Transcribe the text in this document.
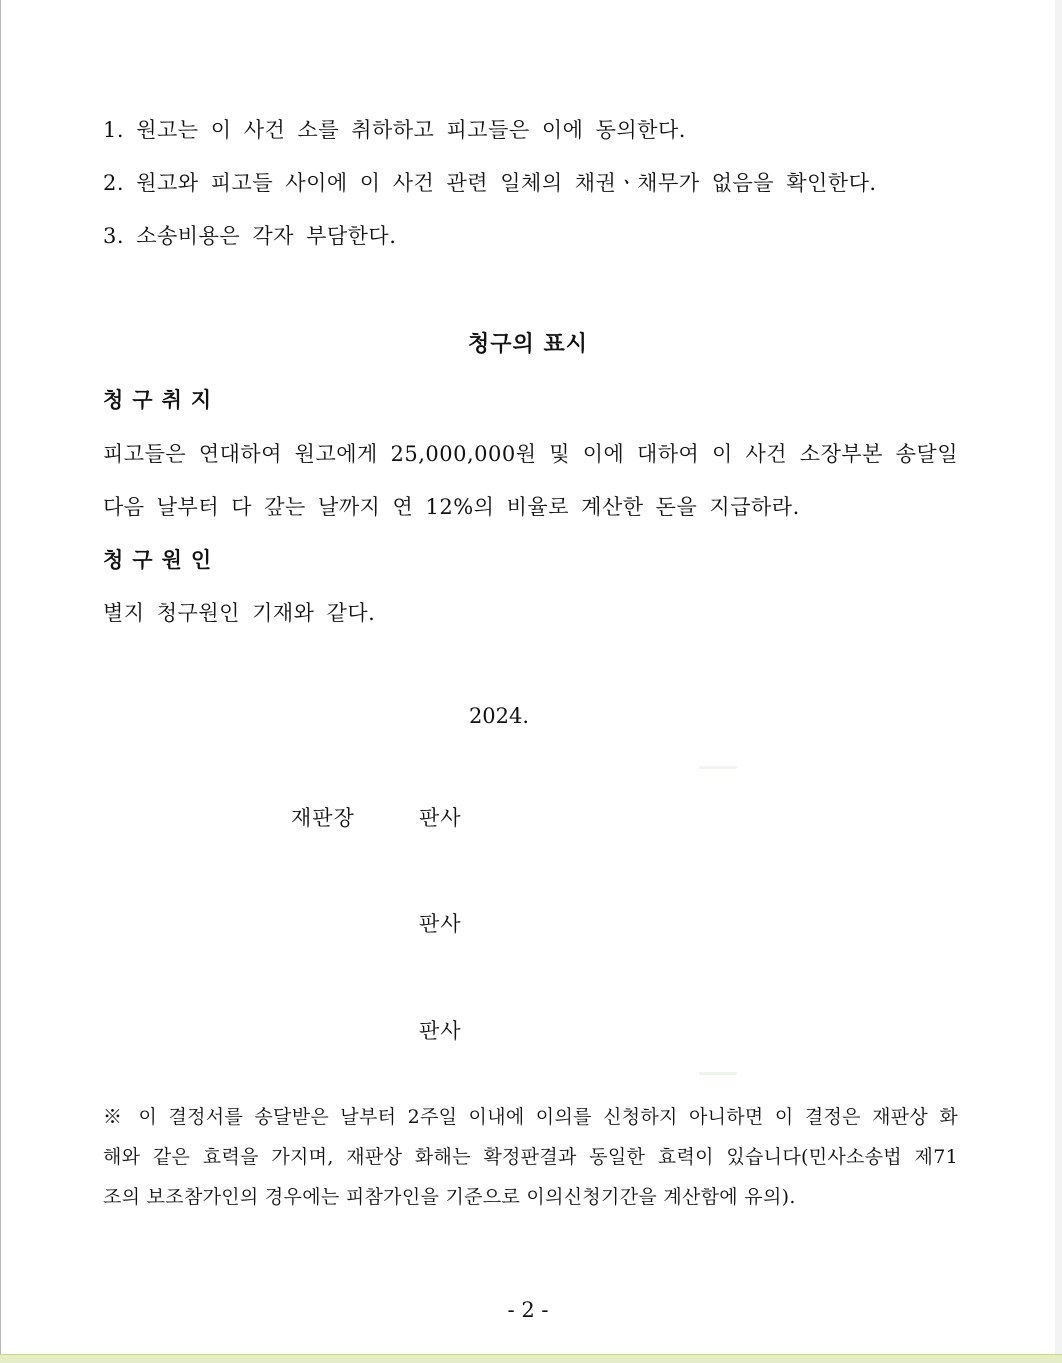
1. 원고는 이 사건 소를 취하하고 피고들은 이에 동의한다.
2. 원고와 피고들 사이에 이 사건 관련 일체의 채권ㆍ채무가 없음을 확인한다.
3. 소송비용은 각자 부담한다.
청구의 표시
청구취지
피고들은 연대하여 원고에게 25,000,000원 및 이에 대하여 이 사건 소장부본 송달일
다음 날부터 다 갚는 날까지 연 12%의 비율로 계산한 돈을 지급하라.
청구원인
별지 청구원인 기재와 같다.
2024.
재판장	판사
판사
판사
※ 이 결정서를 송달받은 날부터 2주일 이내에 이의를 신청하지 아니하면 이 결정은 재판상 화
해와 같은 효력을 가지며, 재판상 화해는 확정판결과 동일한 효력이 있습니다(민사소송법 제71
조의 보조참가인의 경우에는 피참가인을 기준으로 이의신청기간을 계산함에 유의).
- 2 -
